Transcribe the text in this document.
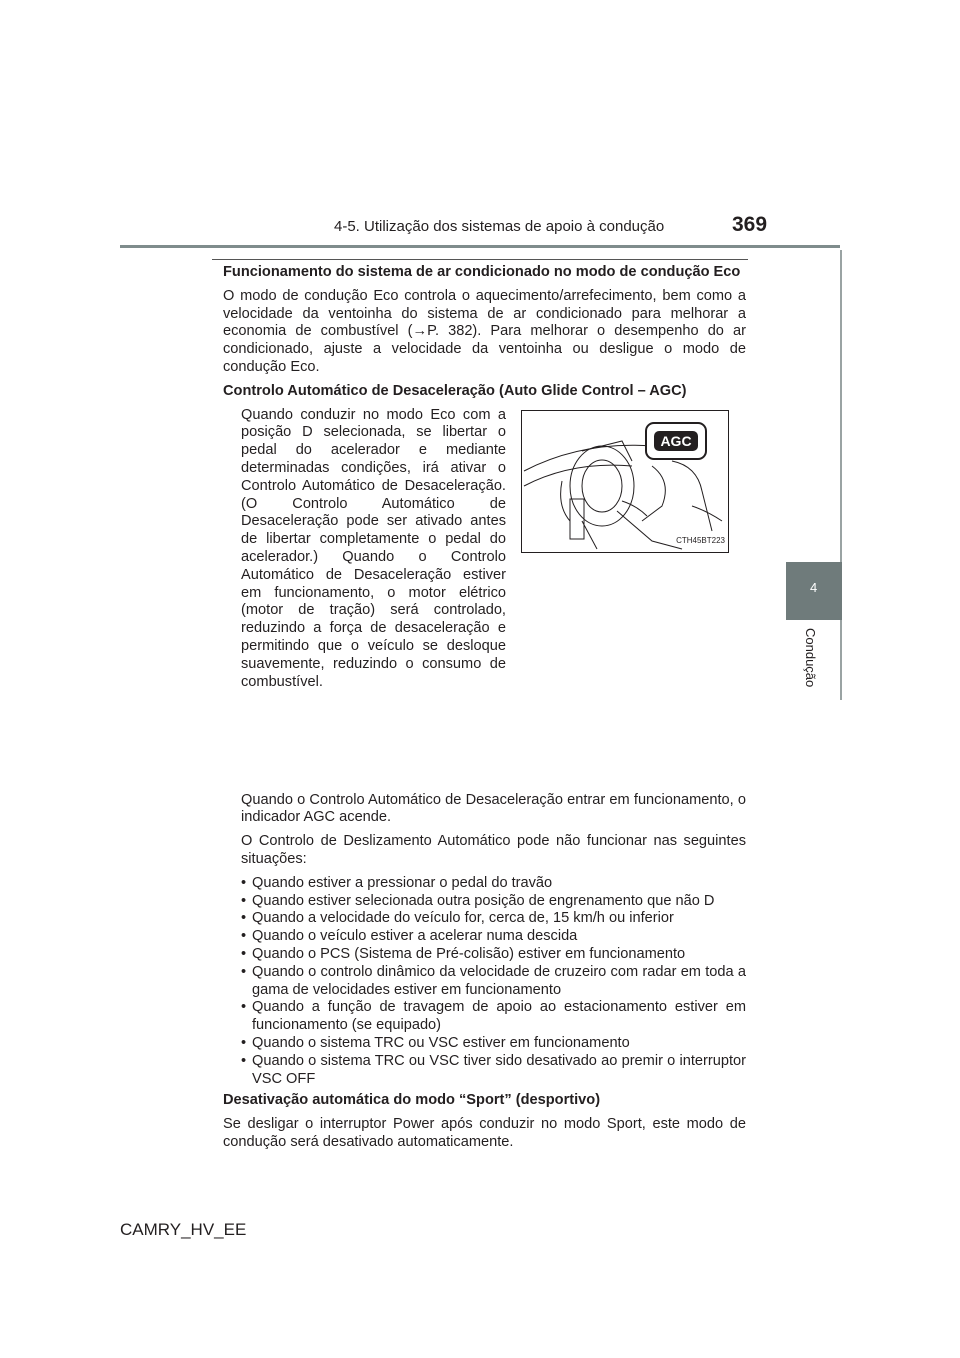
4-5. Utilização dos sistemas de apoio à condução	369
4
Condução
Funcionamento do sistema de ar condicionado no modo de condução Eco
O modo de condução Eco controla o aquecimento/arrefecimento, bem como a velocidade da ventoinha do sistema de ar condicionado para melhorar a economia de combustível (→P. 382). Para melhorar o desempenho do ar condicionado, ajuste a velocidade da ventoinha ou desligue o modo de condução Eco.
Controlo Automático de Desaceleração (Auto Glide Control – AGC)
Quando conduzir no modo Eco com a posição D selecionada, se libertar o pedal do acelerador e mediante determinadas condições, irá ativar o Controlo Automático de Desaceleração. (O Controlo Automático de Desaceleração pode ser ativado antes de libertar completamente o pedal do acelerador.) Quando o Controlo Automático de Desaceleração estiver em funcionamento, o motor elétrico (motor de tração) será controlado, reduzindo a força de desaceleração e permitindo que o veículo se desloque suavemente, reduzindo o consumo de combustível.
AGC
CTH45BT223
Quando o Controlo Automático de Desaceleração entrar em funcionamento, o indicador AGC acende.
O Controlo de Deslizamento Automático pode não funcionar nas seguintes situações:
• Quando estiver a pressionar o pedal do travão
• Quando estiver selecionada outra posição de engrenamento que não D
• Quando a velocidade do veículo for, cerca de, 15 km/h ou inferior
• Quando o veículo estiver a acelerar numa descida
• Quando o PCS (Sistema de Pré-colisão) estiver em funcionamento
• Quando o controlo dinâmico da velocidade de cruzeiro com radar em toda a gama de velocidades estiver em funcionamento
• Quando a função de travagem de apoio ao estacionamento estiver em funcionamento (se equipado)
• Quando o sistema TRC ou VSC estiver em funcionamento
• Quando o sistema TRC ou VSC tiver sido desativado ao premir o interruptor VSC OFF
Desativação automática do modo “Sport” (desportivo)
Se desligar o interruptor Power após conduzir no modo Sport, este modo de condução será desativado automaticamente.
CAMRY_HV_EE
